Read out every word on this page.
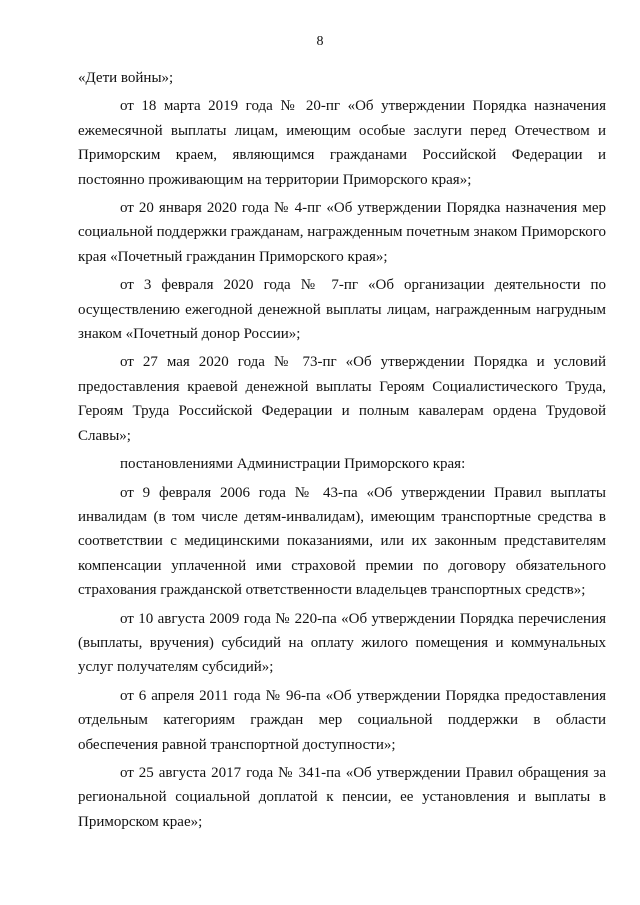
8

«Дети войны»;

от 18 марта 2019 года № 20-пг «Об утверждении Порядка назначения ежемесячной выплаты лицам, имеющим особые заслуги перед Отечеством и Приморским краем, являющимся гражданами Российской Федерации и постоянно проживающим на территории Приморского края»;

от 20 января 2020 года № 4-пг «Об утверждении Порядка назначения мер социальной поддержки гражданам, награжденным почетным знаком Приморского края «Почетный гражданин Приморского края»;

от 3 февраля 2020 года № 7-пг «Об организации деятельности по осуществлению ежегодной денежной выплаты лицам, награжденным нагрудным знаком «Почетный донор России»;

от 27 мая 2020 года № 73-пг «Об утверждении Порядка и условий предоставления краевой денежной выплаты Героям Социалистического Труда, Героям Труда Российской Федерации и полным кавалерам ордена Трудовой Славы»;

постановлениями Администрации Приморского края:

от 9 февраля 2006 года № 43-па «Об утверждении Правил выплаты инвалидам (в том числе детям-инвалидам), имеющим транспортные средства в соответствии с медицинскими показаниями, или их законным представителям компенсации уплаченной ими страховой премии по договору обязательного страхования гражданской ответственности владельцев транспортных средств»;

от 10 августа 2009 года № 220-па «Об утверждении Порядка перечисления (выплаты, вручения) субсидий на оплату жилого помещения и коммунальных услуг получателям субсидий»;

от 6 апреля 2011 года № 96-па «Об утверждении Порядка предоставления отдельным категориям граждан мер социальной поддержки в области обеспечения равной транспортной доступности»;

от 25 августа 2017 года № 341-па «Об утверждении Правил обращения за региональной социальной доплатой к пенсии, ее установления и выплаты в Приморском крае»;
